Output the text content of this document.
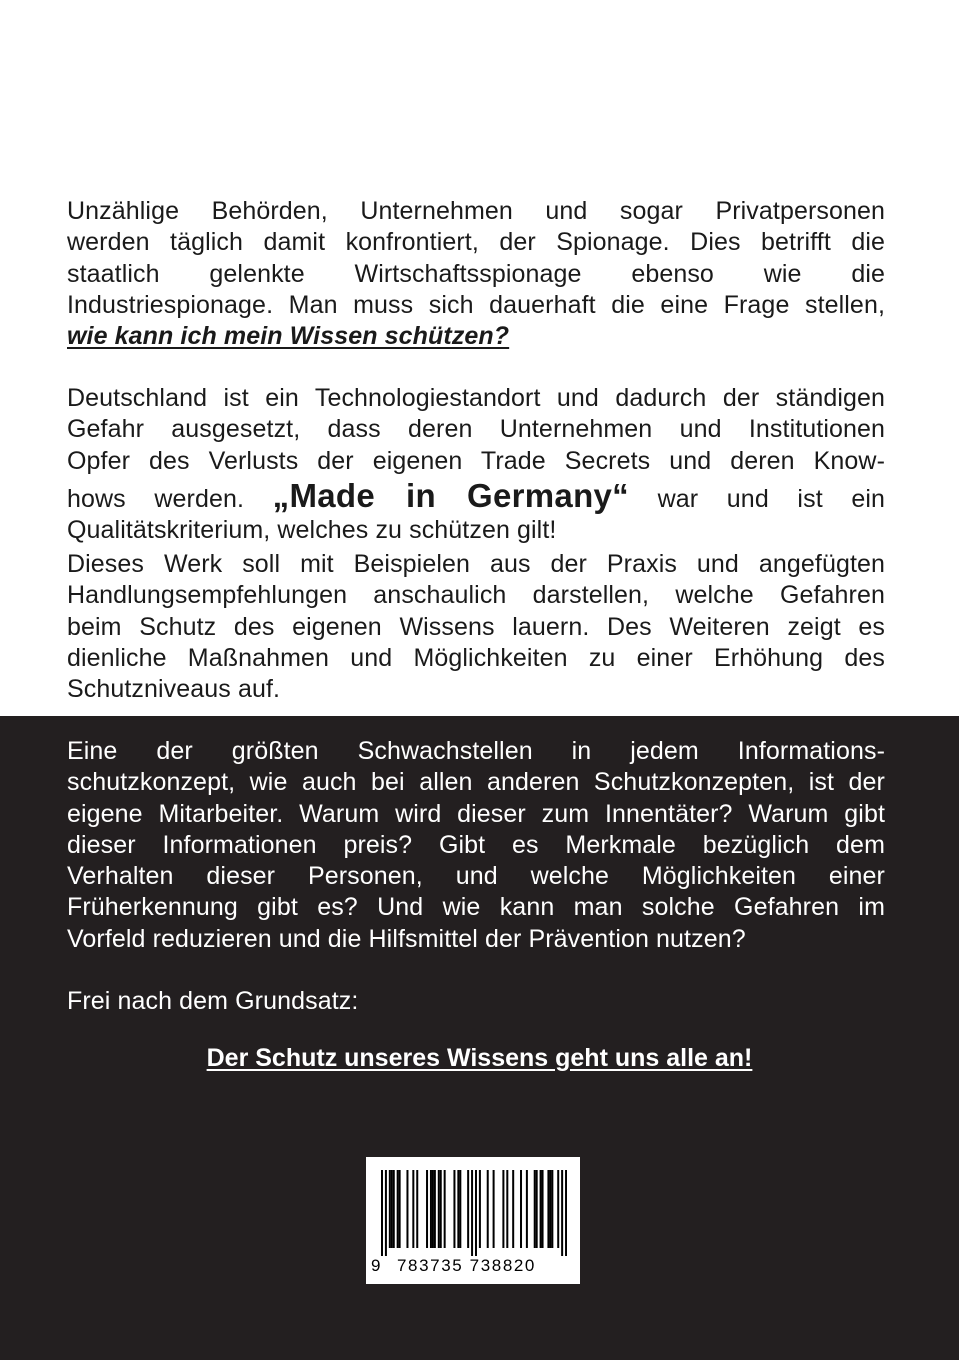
Unzählige Behörden, Unternehmen und sogar Privatpersonen
werden täglich damit konfrontiert, der Spionage. Dies betrifft die
staatlich gelenkte Wirtschaftsspionage ebenso wie die
Industriespionage. Man muss sich dauerhaft die eine Frage stellen,
wie kann ich mein Wissen schützen?
Deutschland ist ein Technologiestandort und dadurch der ständigen
Gefahr ausgesetzt, dass deren Unternehmen und Institutionen
Opfer des Verlusts der eigenen Trade Secrets und deren Know-
hows werden. „Made in Germany“ war und ist ein
Qualitätskriterium, welches zu schützen gilt!
Dieses Werk soll mit Beispielen aus der Praxis und angefügten
Handlungsempfehlungen anschaulich darstellen, welche Gefahren
beim Schutz des eigenen Wissens lauern. Des Weiteren zeigt es
dienliche Maßnahmen und Möglichkeiten zu einer Erhöhung des
Schutzniveaus auf.
Eine der größten Schwachstellen in jedem Informations-
schutzkonzept, wie auch bei allen anderen Schutzkonzepten, ist der
eigene Mitarbeiter. Warum wird dieser zum Innentäter? Warum gibt
dieser Informationen preis? Gibt es Merkmale bezüglich dem
Verhalten dieser Personen, und welche Möglichkeiten einer
Früherkennung gibt es? Und wie kann man solche Gefahren im
Vorfeld reduzieren und die Hilfsmittel der Prävention nutzen?
Frei nach dem Grundsatz:

Der Schutz unseres Wissens geht uns alle an!

9 783735 738820
